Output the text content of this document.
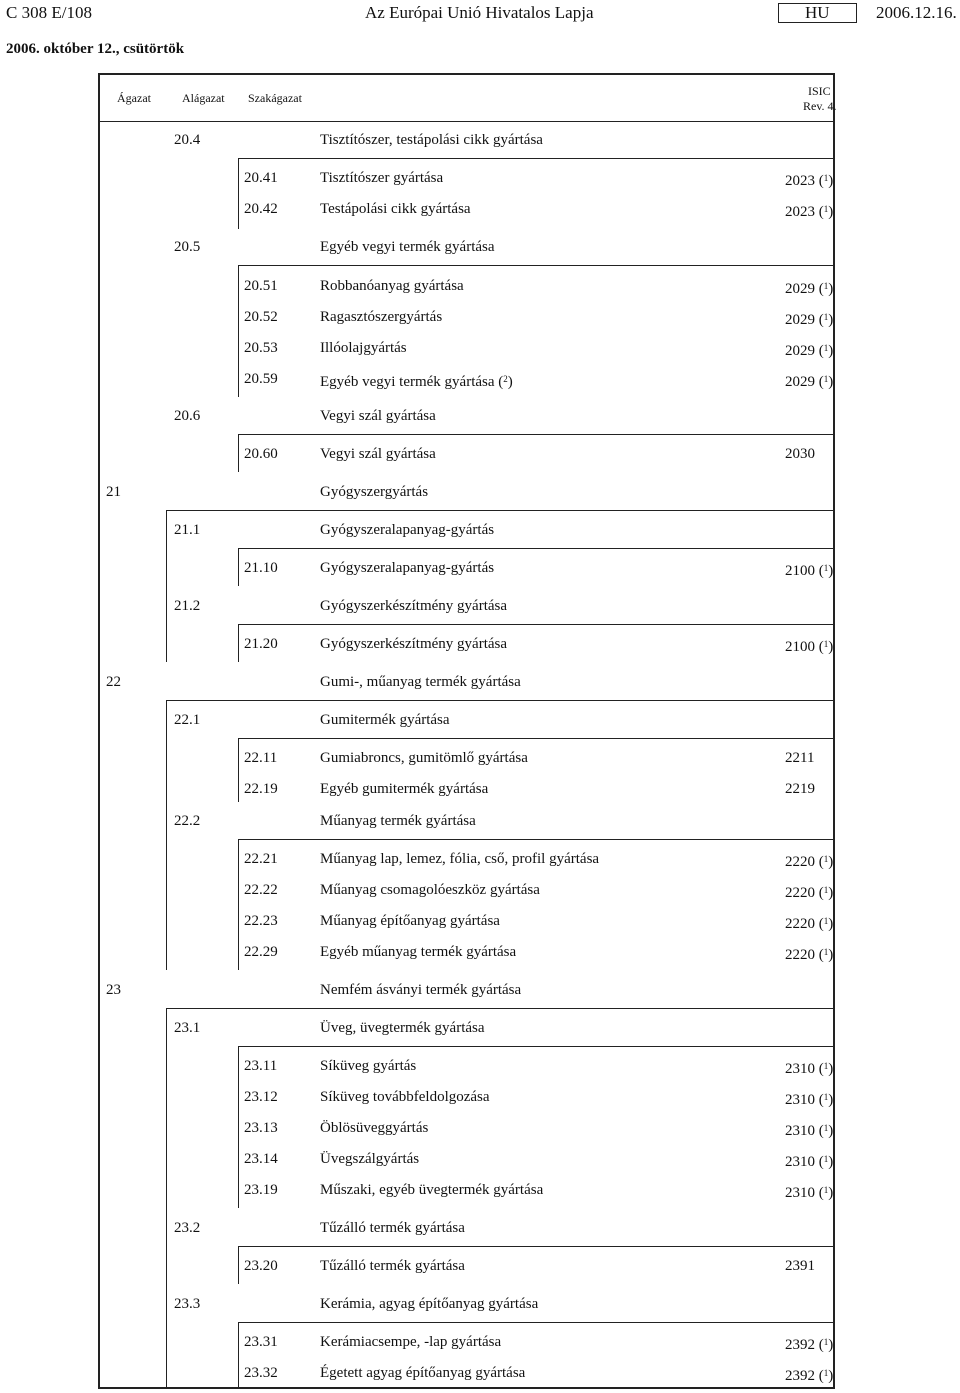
C 308 E/108	Az Európai Unió Hivatalos Lapja	HU	2006.12.16.
2006. október 12., csütörtök
Ágazat	Alágazat Szakágazat	ISIC
Rev. 4.
20.4	Tisztítószer, testápolási cikk gyártása
20.41	Tisztítószer gyártása	2023 ($^1$)
20.42	Testápolási cikk gyártása	2023 ($^1$)
20.5	Egyéb vegyi termék gyártása
20.51	Robbanóanyag gyártása	2029 ($^1$)
20.52	Ragasztószergyártás	2029 ($^1$)
20.53	Illóolajgyártás	2029 ($^1$)
20.59	Egyéb vegyi termék gyártása ($^2$)	2029 ($^1$)
20.6	Vegyi szál gyártása
20.60	Vegyi szál gyártása	2030
21	Gyógyszergyártás
21.1	Gyógyszeralapanyag-gyártás
21.10	Gyógyszeralapanyag-gyártás	2100 ($^1$)
21.2	Gyógyszerkészítmény gyártása
21.20	Gyógyszerkészítmény gyártása	2100 ($^1$)
22	Gumi-, műanyag termék gyártása
22.1	Gumitermék gyártása
22.11	Gumiabroncs, gumitömlő gyártása	2211
22.19	Egyéb gumitermék gyártása	2219
22.2	Műanyag termék gyártása
22.21	Műanyag lap, lemez, fólia, cső, profil gyártása	2220 ($^1$)
22.22	Műanyag csomagolóeszköz gyártása	2220 ($^1$)
22.23	Műanyag építőanyag gyártása	2220 ($^1$)
22.29	Egyéb műanyag termék gyártása	2220 ($^1$)
23	Nemfém ásványi termék gyártása
23.1	Üveg, üvegtermék gyártása
23.11	Síküveg gyártás	2310 ($^1$)
23.12	Síküveg továbbfeldolgozása	2310 ($^1$)
23.13	Öblösüveggyártás	2310 ($^1$)
23.14	Üvegszálgyártás	2310 ($^1$)
23.19	Műszaki, egyéb üvegtermék gyártása	2310 ($^1$)
23.2	Tűzálló termék gyártása
23.20	Tűzálló termék gyártása	2391
23.3	Kerámia, agyag építőanyag gyártása
23.31	Kerámiacsempe, -lap gyártása	2392 ($^1$)
23.32	Égetett agyag építőanyag gyártása	2392 ($^1$)
